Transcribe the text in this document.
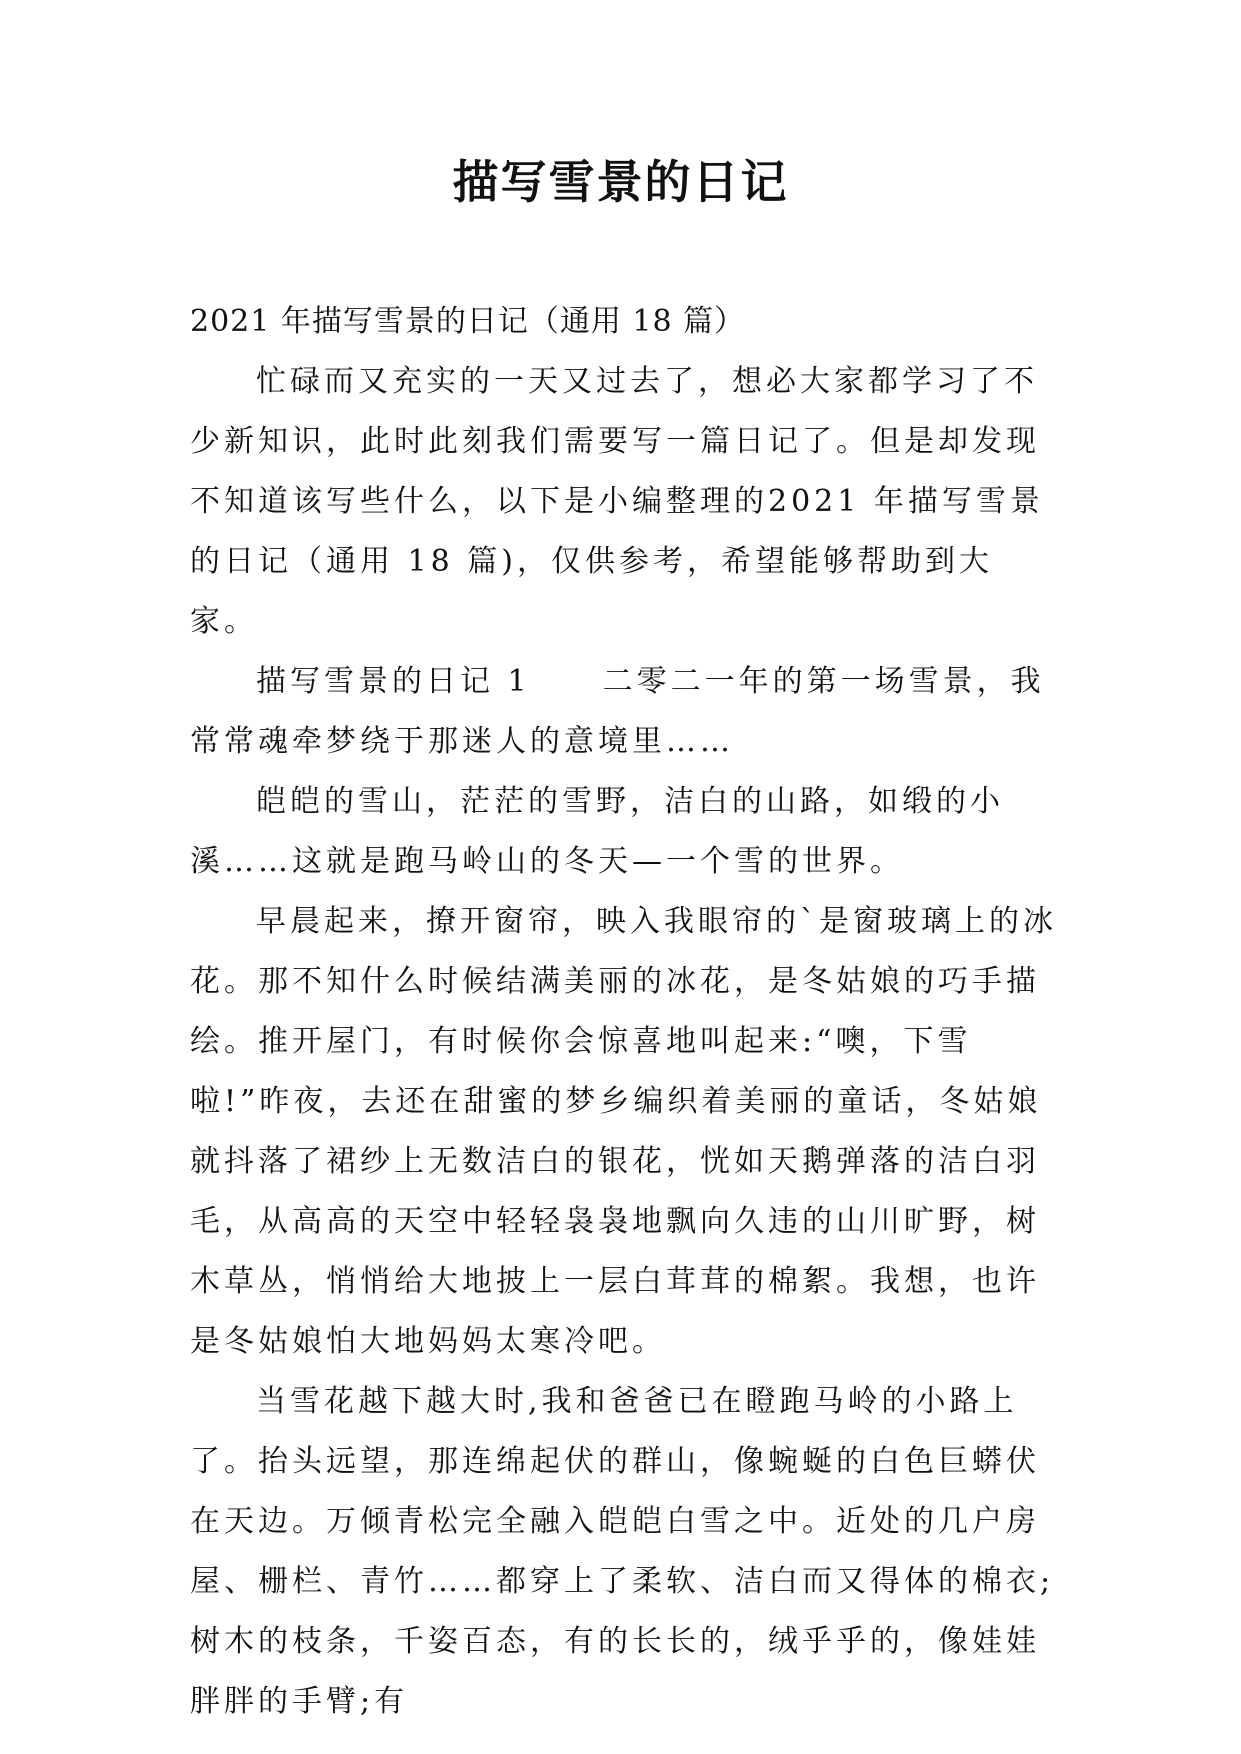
描写雪景的日记

2021 年描写雪景的日记（通用 18 篇）

忙碌而又充实的一天又过去了，想必大家都学习了不少新知识，此时此刻我们需要写一篇日记了。但是却发现不知道该写些什么，以下是小编整理的2021 年描写雪景的日记（通用 18 篇)，仅供参考，希望能够帮助到大家。

描写雪景的日记 1 二零二一年的第一场雪景，我常常魂牵梦绕于那迷人的意境里……

皑皑的雪山，茫茫的雪野，洁白的山路，如缎的小溪……这就是跑马岭山的冬天—一个雪的世界。

早晨起来，撩开窗帘，映入我眼帘的`是窗玻璃上的冰花。那不知什么时候结满美丽的冰花，是冬姑娘的巧手描绘。推开屋门，有时候你会惊喜地叫起来:“噢，下雪啦!”昨夜，去还在甜蜜的梦乡编织着美丽的童话，冬姑娘就抖落了裙纱上无数洁白的银花，恍如天鹅弹落的洁白羽毛，从高高的天空中轻轻袅袅地飘向久违的山川旷野，树木草丛，悄悄给大地披上一层白茸茸的棉絮。我想，也许是冬姑娘怕大地妈妈太寒冷吧。

当雪花越下越大时,我和爸爸已在瞪跑马岭的小路上了。抬头远望，那连绵起伏的群山，像蜿蜒的白色巨蟒伏在天边。万倾青松完全融入皑皑白雪之中。近处的几户房屋、栅栏、青竹……都穿上了柔软、洁白而又得体的棉衣;树木的枝条，千姿百态，有的长长的，绒乎乎的，像娃娃胖胖的手臂;有
